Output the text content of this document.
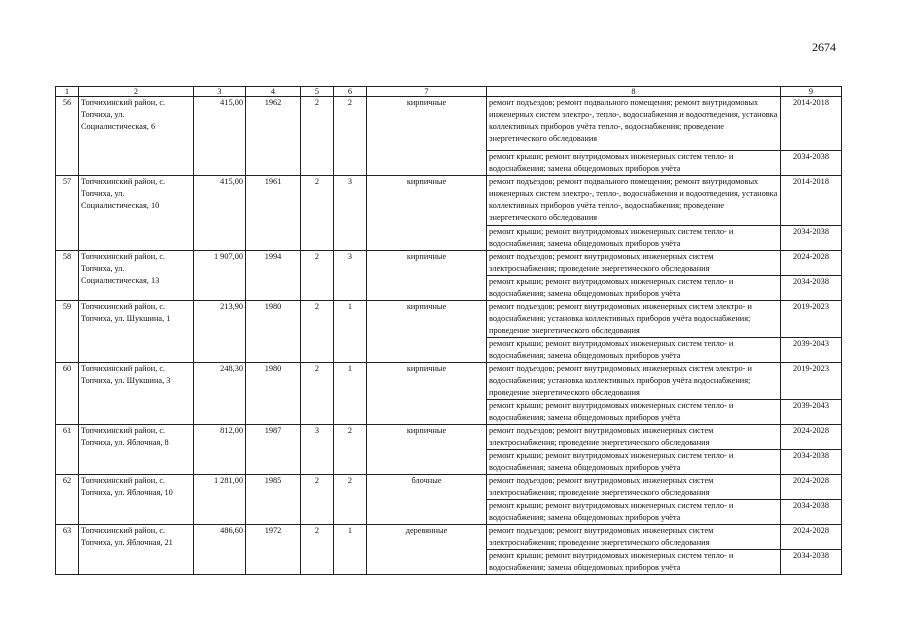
2674
1	2	3	4	5	6	7	8	9
56	Топчихинский район, с. Топчиха, ул. Социалистическая, 6	415,00	1962	2	2	кирпичные	ремонт подъездов; ремонт подвального помещения; ремонт внутридомовых инженерных систем электро-, тепло-, водоснабжения и водоотведения, установка коллективных приборов учёта тепло-, водоснабжения; проведение энергетического обследования	2014-2018
							ремонт крыши; ремонт внутридомовых инженерных систем тепло- и водоснабжения; замена общедомовых приборов учёта	2034-2038
57	Топчихинский район, с. Топчиха, ул. Социалистическая, 10	415,00	1961	2	3	кирпичные	ремонт подъездов; ремонт подвального помещения; ремонт внутридомовых инженерных систем электро-, тепло-, водоснабжения и водоотведения, установка коллективных приборов учёта тепло-, водоснабжения; проведение энергетического обследования	2014-2018
							ремонт крыши; ремонт внутридомовых инженерных систем тепло- и водоснабжения; замена общедомовых приборов учёта	2034-2038
58	Топчихинский район, с. Топчиха, ул. Социалистическая, 13	1 907,00	1994	2	3	кирпичные	ремонт подъездов; ремонт внутридомовых инженерных систем электроснабжения; проведение энергетического обследования	2024-2028
							ремонт крыши; ремонт внутридомовых инженерных систем тепло- и водоснабжения; замена общедомовых приборов учёта	2034-2038
59	Топчихинский район, с. Топчиха, ул. Шукшина, 1	213,90	1980	2	1	кирпичные	ремонт подъездов; ремонт внутридомовых инженерных систем электро- и водоснабжения; установка коллективных приборов учёта водоснабжения; проведение энергетического обследования	2019-2023
							ремонт крыши; ремонт внутридомовых инженерных систем тепло- и водоснабжения; замена общедомовых приборов учёта	2039-2043
60	Топчихинский район, с. Топчиха, ул. Шукшина, 3	248,30	1980	2	1	кирпичные	ремонт подъездов; ремонт внутридомовых инженерных систем электро- и водоснабжения; установка коллективных приборов учёта водоснабжения; проведение энергетического обследования	2019-2023
							ремонт крыши; ремонт внутридомовых инженерных систем тепло- и водоснабжения; замена общедомовых приборов учёта	2039-2043
61	Топчихинский район, с. Топчиха, ул. Яблочная, 8	812,00	1987	3	2	кирпичные	ремонт подъездов; ремонт внутридомовых инженерных систем электроснабжения; проведение энергетического обследования	2024-2028
							ремонт крыши; ремонт внутридомовых инженерных систем тепло- и водоснабжения; замена общедомовых приборов учёта	2034-2038
62	Топчихинский район, с. Топчиха, ул. Яблочная, 10	1 281,00	1985	2	2	блочные	ремонт подъездов; ремонт внутридомовых инженерных систем электроснабжения; проведение энергетического обследования	2024-2028
							ремонт крыши; ремонт внутридомовых инженерных систем тепло- и водоснабжения; замена общедомовых приборов учёта	2034-2038
63	Топчихинский район, с. Топчиха, ул. Яблочная, 21	486,60	1972	2	1	деревянные	ремонт подъездов; ремонт внутридомовых инженерных систем электроснабжения; проведение энергетического обследования	2024-2028
							ремонт крыши; ремонт внутридомовых инженерных систем тепло- и водоснабжения; замена общедомовых приборов учёта	2034-2038
